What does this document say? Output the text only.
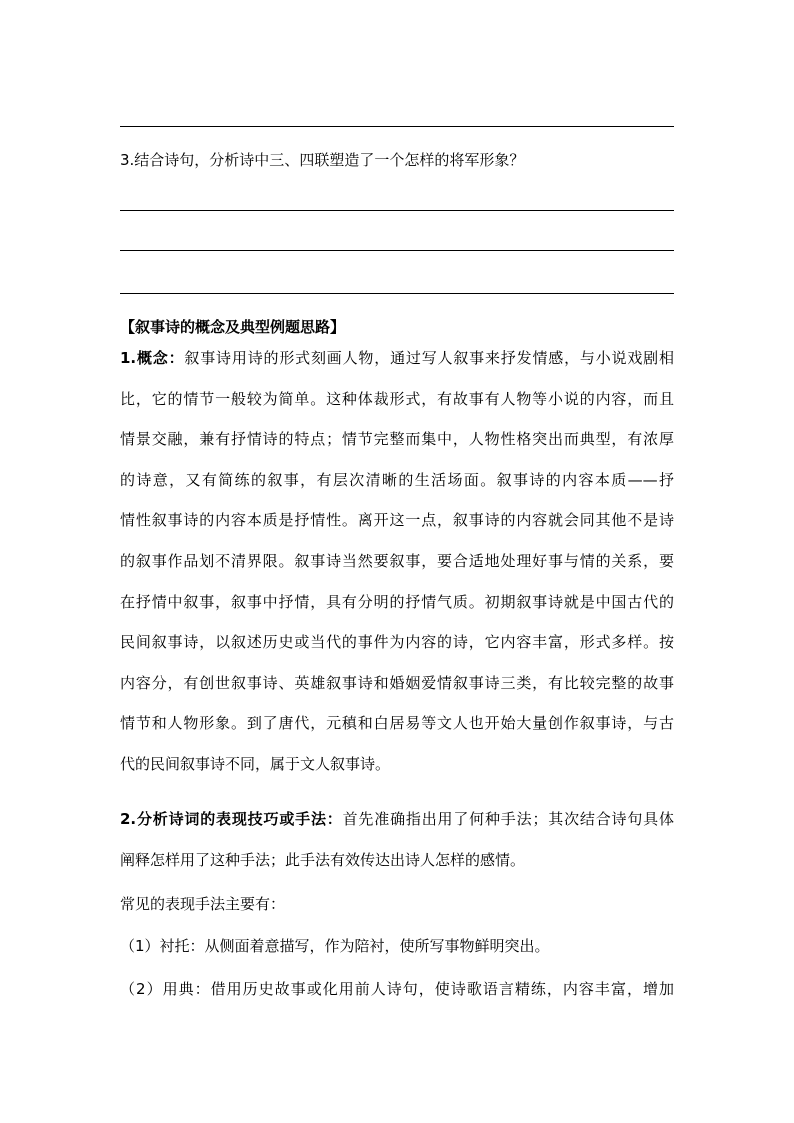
3.结合诗句，分析诗中三、四联塑造了一个怎样的将军形象？
【叙事诗的概念及典型例题思路】
1.概念：叙事诗用诗的形式刻画人物，通过写人叙事来抒发情感，与小说戏剧相
比，它的情节一般较为简单。这种体裁形式，有故事有人物等小说的内容，而且
情景交融，兼有抒情诗的特点；情节完整而集中，人物性格突出而典型，有浓厚
的诗意，又有简练的叙事，有层次清晰的生活场面。叙事诗的内容本质——抒
情性叙事诗的内容本质是抒情性。离开这一点，叙事诗的内容就会同其他不是诗
的叙事作品划不清界限。叙事诗当然要叙事，要合适地处理好事与情的关系，要
在抒情中叙事，叙事中抒情，具有分明的抒情气质。初期叙事诗就是中国古代的
民间叙事诗，以叙述历史或当代的事件为内容的诗，它内容丰富，形式多样。按
内容分，有创世叙事诗、英雄叙事诗和婚姻爱情叙事诗三类，有比较完整的故事
情节和人物形象。到了唐代，元稹和白居易等文人也开始大量创作叙事诗，与古
代的民间叙事诗不同，属于文人叙事诗。
2.分析诗词的表现技巧或手法：首先准确指出用了何种手法；其次结合诗句具体
阐释怎样用了这种手法；此手法有效传达出诗人怎样的感情。
常见的表现手法主要有：
（1）衬托：从侧面着意描写，作为陪衬，使所写事物鲜明突出。
（2）用典：借用历史故事或化用前人诗句，使诗歌语言精练，内容丰富，增加
